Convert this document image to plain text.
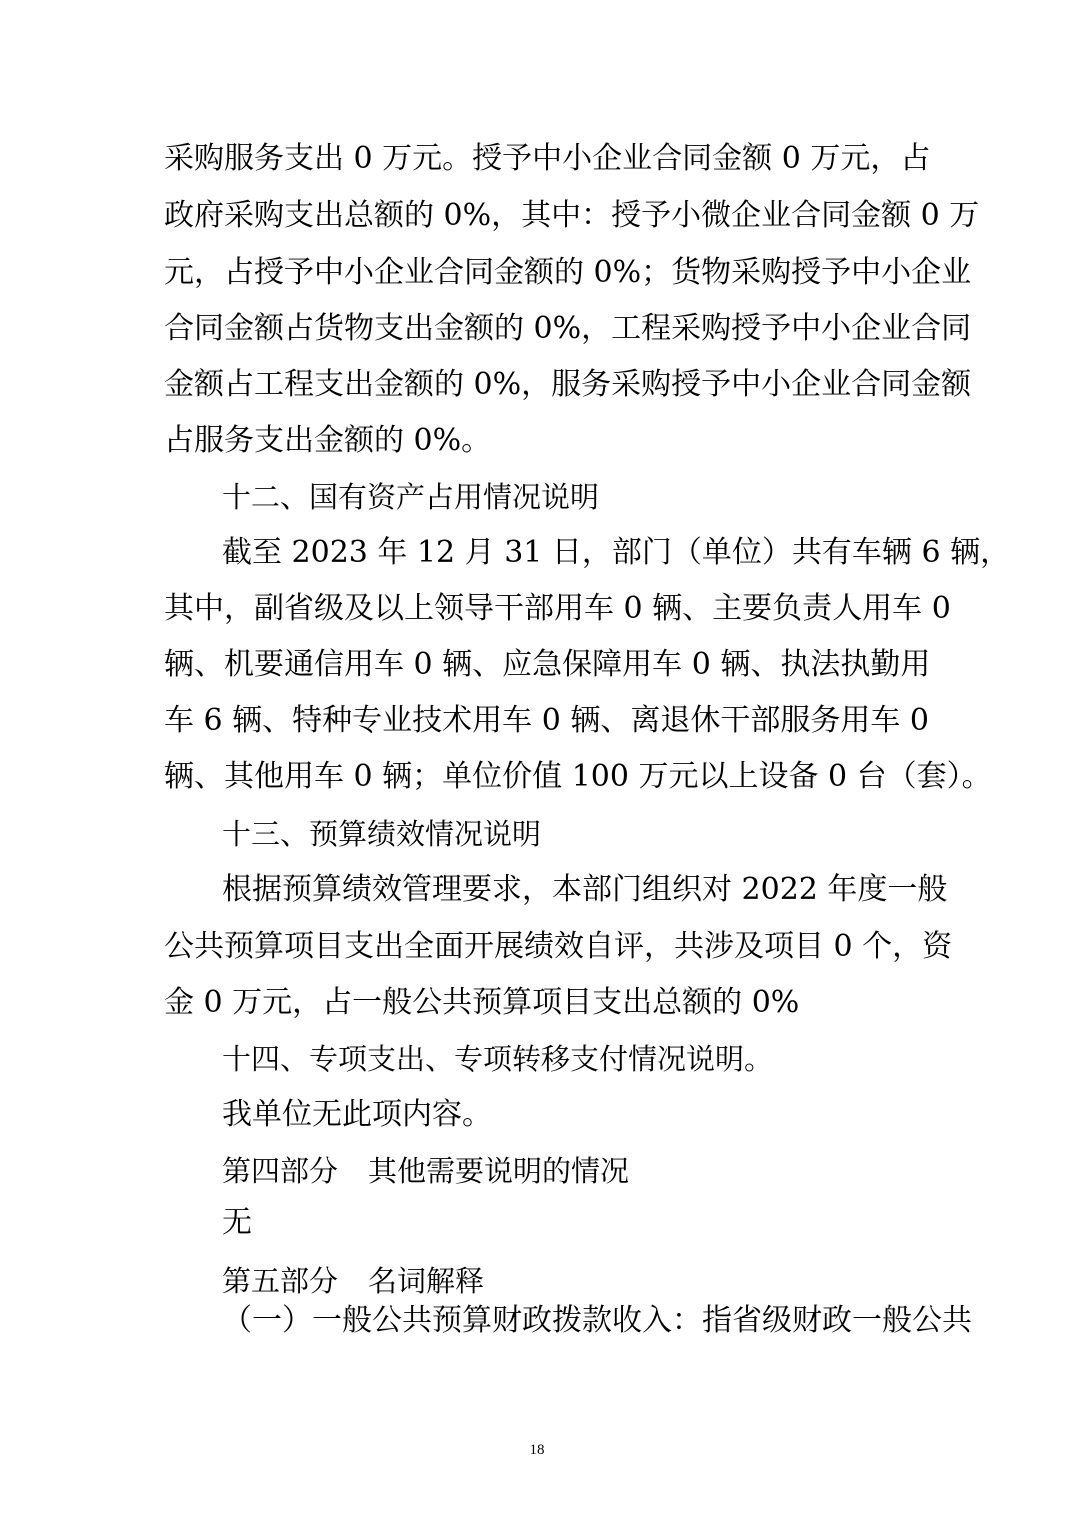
采购服务支出 0 万元。授予中小企业合同金额 0 万元，占
政府采购支出总额的 0%，其中：授予小微企业合同金额 0 万
元，占授予中小企业合同金额的 0%；货物采购授予中小企业
合同金额占货物支出金额的 0%，工程采购授予中小企业合同
金额占工程支出金额的 0%，服务采购授予中小企业合同金额
占服务支出金额的 0%。
十二、国有资产占用情况说明
截至 2023 年 12 月 31 日，部门（单位）共有车辆 6 辆，
其中，副省级及以上领导干部用车 0 辆、主要负责人用车 0
辆、机要通信用车 0 辆、应急保障用车 0 辆、执法执勤用
车 6 辆、特种专业技术用车 0 辆、离退休干部服务用车 0
辆、其他用车 0 辆；单位价值 100 万元以上设备 0 台（套）。
十三、预算绩效情况说明
根据预算绩效管理要求，本部门组织对 2022 年度一般
公共预算项目支出全面开展绩效自评，共涉及项目 0 个，资
金 0 万元，占一般公共预算项目支出总额的 0%
十四、专项支出、专项转移支付情况说明。
我单位无此项内容。
第四部分 其他需要说明的情况
无
第五部分 名词解释
（一）一般公共预算财政拨款收入：指省级财政一般公共
18
